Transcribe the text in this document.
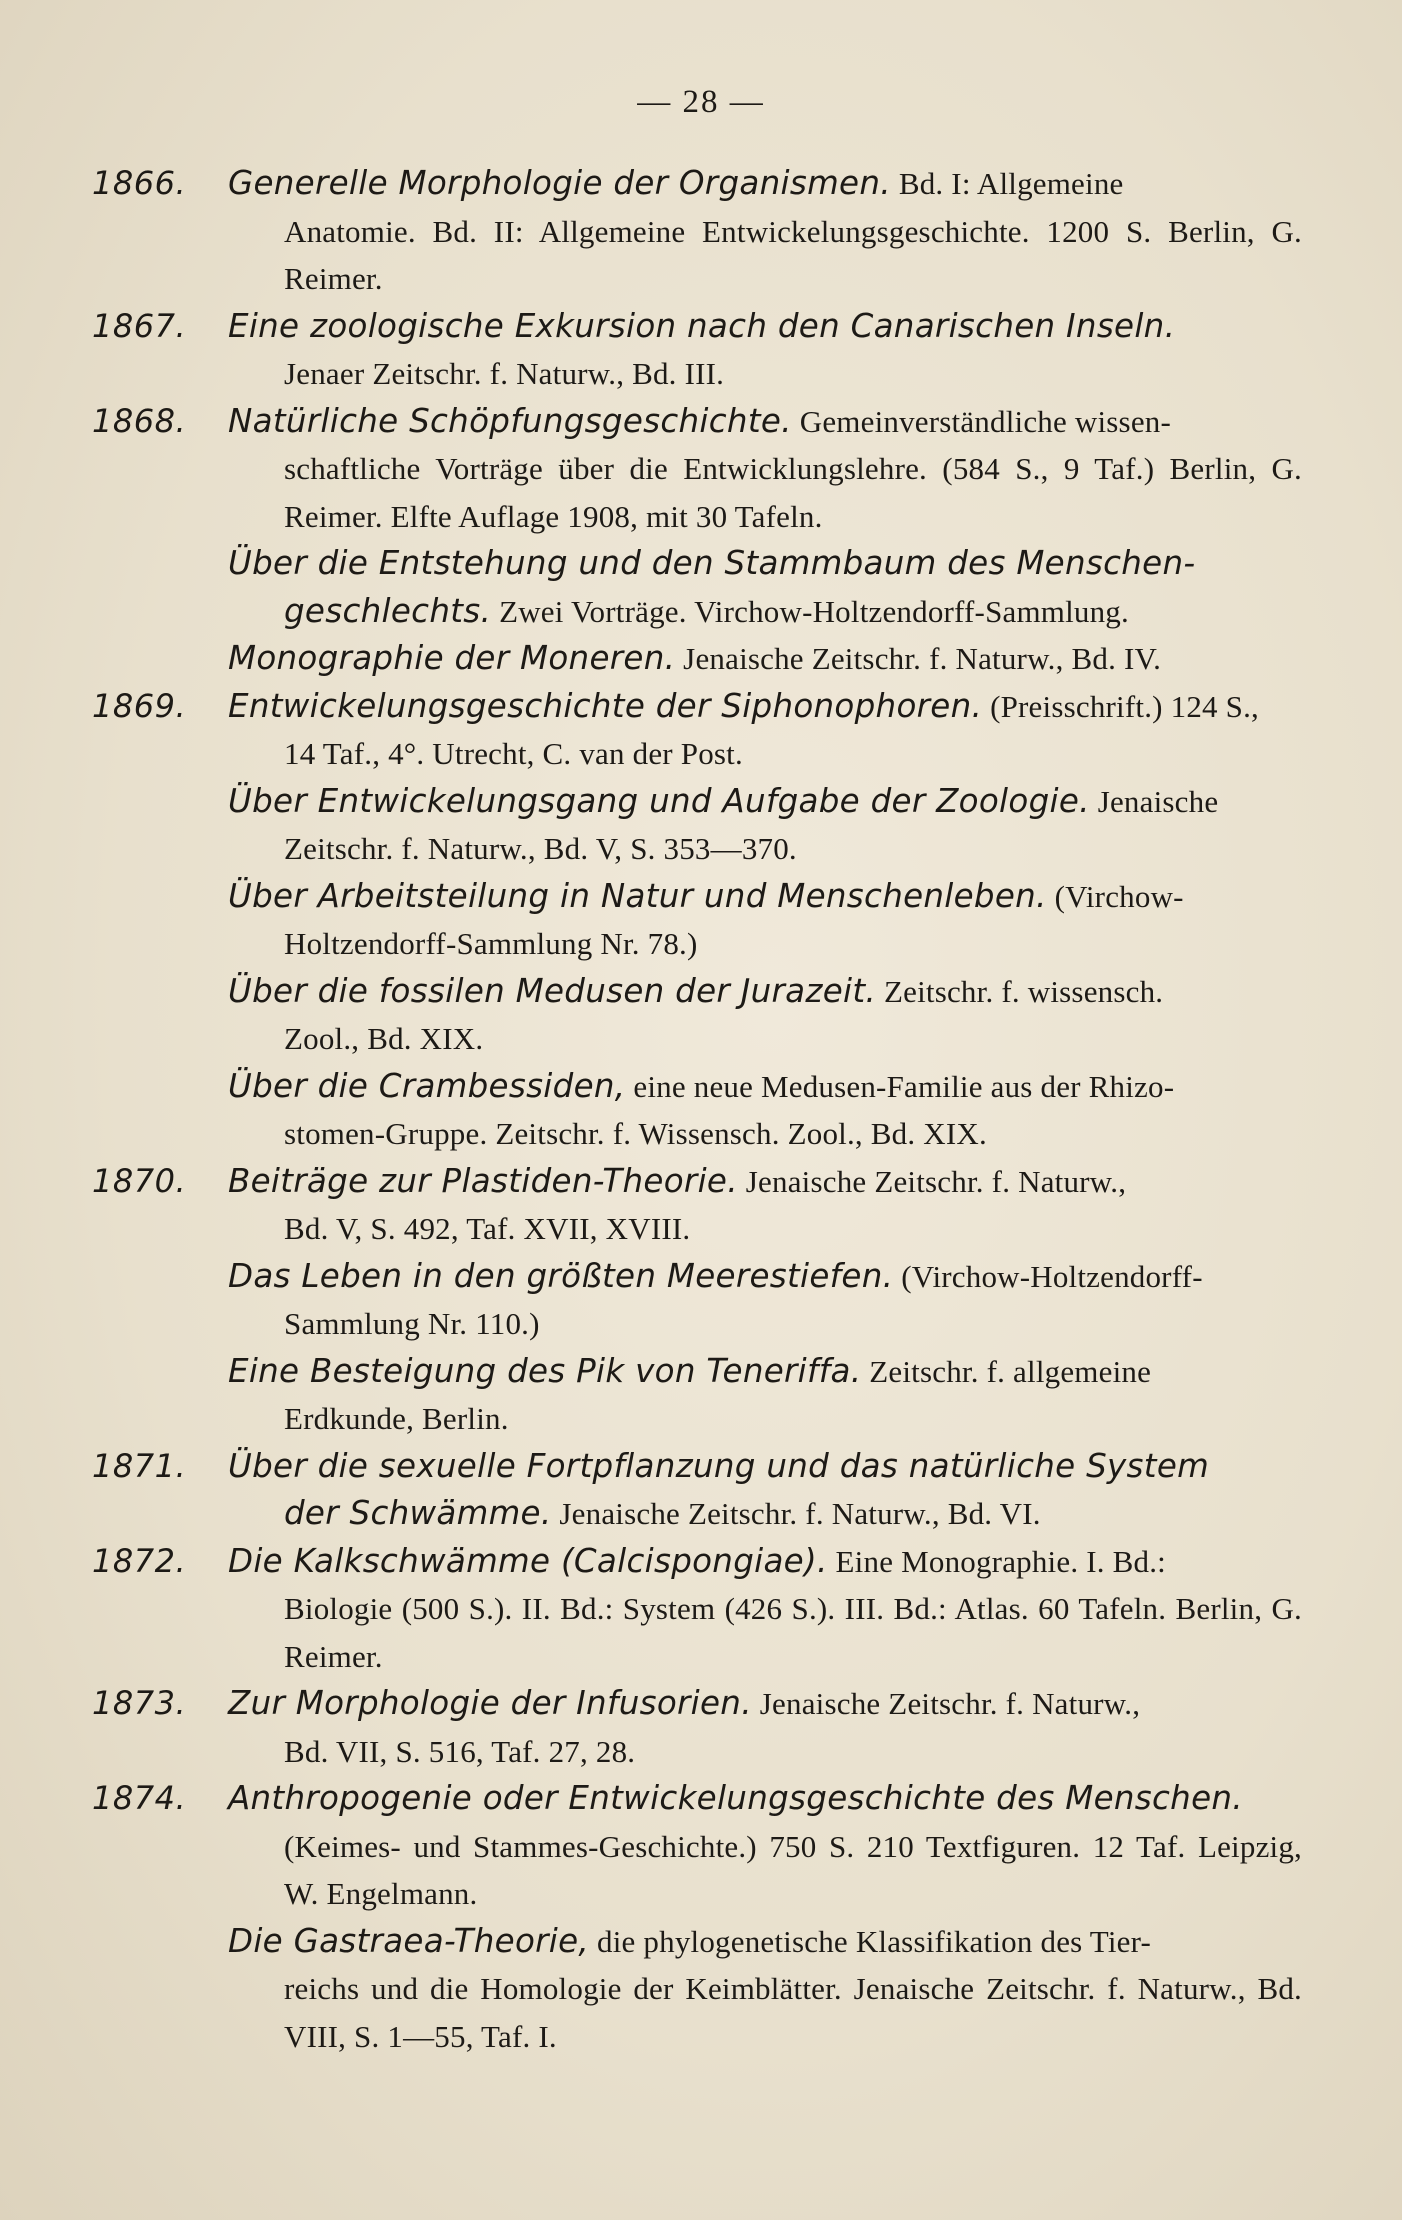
— 28 —
1866. Generelle Morphologie der Organismen. Bd. I: Allgemeine
Anatomie. Bd. II: Allgemeine Entwickelungsgeschichte. 1200 S. Berlin, G. Reimer.
1867. Eine zoologische Exkursion nach den Canarischen Inseln.
Jenaer Zeitschr. f. Naturw., Bd. III.
1868. Natürliche Schöpfungsgeschichte. Gemeinverständliche wissen-
schaftliche Vorträge über die Entwicklungslehre. (584 S., 9 Taf.) Berlin, G. Reimer. Elfte Auflage 1908, mit 30 Tafeln.
Über die Entstehung und den Stammbaum des Menschen-
geschlechts. Zwei Vorträge. Virchow-Holtzendorff-Sammlung.
Monographie der Moneren. Jenaische Zeitschr. f. Naturw., Bd. IV.
1869. Entwickelungsgeschichte der Siphonophoren. (Preisschrift.) 124 S.,
14 Taf., 4°. Utrecht, C. van der Post.
Über Entwickelungsgang und Aufgabe der Zoologie. Jenaische
Zeitschr. f. Naturw., Bd. V, S. 353—370.
Über Arbeitsteilung in Natur und Menschenleben. (Virchow-
Holtzendorff-Sammlung Nr. 78.)
Über die fossilen Medusen der Jurazeit. Zeitschr. f. wissensch.
Zool., Bd. XIX.
Über die Crambessiden, eine neue Medusen-Familie aus der Rhizo-
stomen-Gruppe. Zeitschr. f. Wissensch. Zool., Bd. XIX.
1870. Beiträge zur Plastiden-Theorie. Jenaische Zeitschr. f. Naturw.,
Bd. V, S. 492, Taf. XVII, XVIII.
Das Leben in den größten Meerestiefen. (Virchow-Holtzendorff-
Sammlung Nr. 110.)
Eine Besteigung des Pik von Teneriffa. Zeitschr. f. allgemeine
Erdkunde, Berlin.
1871. Über die sexuelle Fortpflanzung und das natürliche System
der Schwämme. Jenaische Zeitschr. f. Naturw., Bd. VI.
1872. Die Kalkschwämme (Calcispongiae). Eine Monographie. I. Bd.:
Biologie (500 S.). II. Bd.: System (426 S.). III. Bd.: Atlas. 60 Tafeln. Berlin, G. Reimer.
1873. Zur Morphologie der Infusorien. Jenaische Zeitschr. f. Naturw.,
Bd. VII, S. 516, Taf. 27, 28.
1874. Anthropogenie oder Entwickelungsgeschichte des Menschen.
(Keimes- und Stammes-Geschichte.) 750 S. 210 Textfiguren. 12 Taf. Leipzig, W. Engelmann.
Die Gastraea-Theorie, die phylogenetische Klassifikation des Tier-
reichs und die Homologie der Keimblätter. Jenaische Zeitschr. f. Naturw., Bd. VIII, S. 1—55, Taf. I.
